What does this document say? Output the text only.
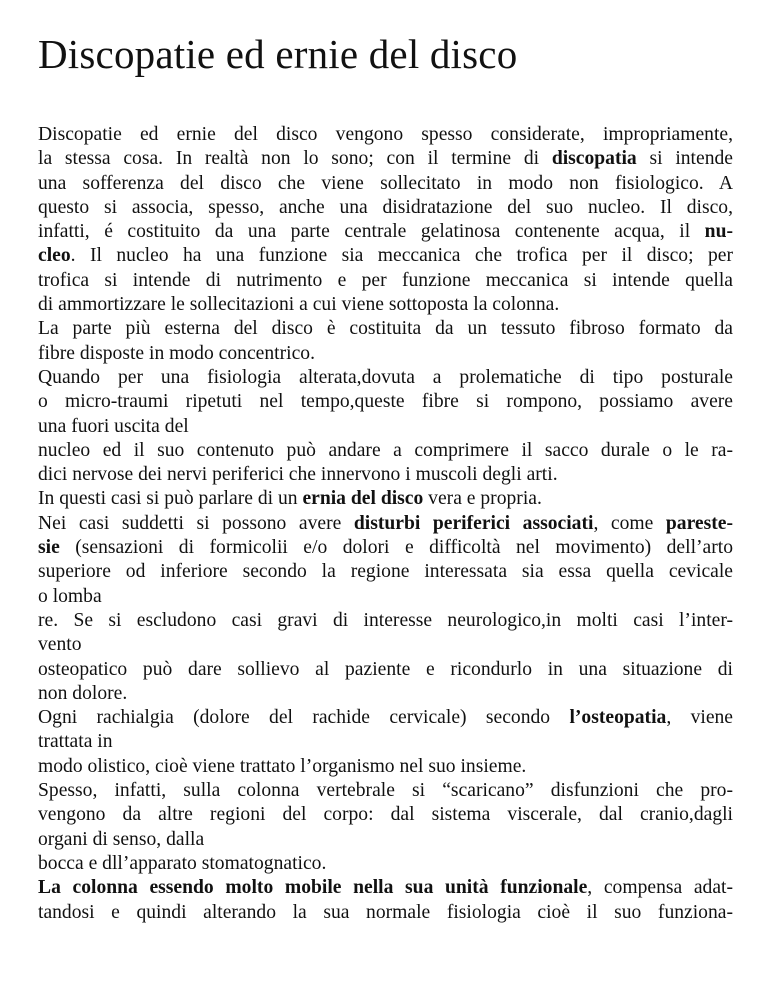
Discopatie ed ernie del disco
Discopatie ed ernie del disco vengono spesso considerate, impropriamente,
la stessa cosa. In realtà non lo sono; con il termine di discopatia si intende
una sofferenza del disco che viene sollecitato in modo non fisiologico. A
questo si associa, spesso, anche una disidratazione del suo nucleo. Il disco,
infatti, é costituito da una parte centrale gelatinosa contenente acqua, il nu-
cleo. Il nucleo ha una funzione sia meccanica che trofica per il disco; per
trofica si intende di nutrimento e per funzione meccanica si intende quella
di ammortizzare le sollecitazioni a cui viene sottoposta la colonna.
La parte più esterna del disco è costituita da un tessuto fibroso formato da
fibre disposte in modo concentrico.
Quando per una fisiologia alterata,dovuta a prolematiche di tipo posturale
o micro-traumi ripetuti nel tempo,queste fibre si rompono, possiamo avere
una fuori uscita del
nucleo ed il suo contenuto può andare a comprimere il sacco durale o le ra-
dici nervose dei nervi periferici che innervono i muscoli degli arti.
In questi casi si può parlare di un ernia del disco vera e propria.
Nei casi suddetti si possono avere disturbi periferici associati, come pareste-
sie (sensazioni di formicolii e/o dolori e difficoltà nel movimento) dell’arto
superiore od inferiore secondo la regione interessata sia essa quella cevicale
o lomba
re. Se si escludono casi gravi di interesse neurologico,in molti casi l’inter-
vento
osteopatico può dare sollievo al paziente e ricondurlo in una situazione di
non dolore.
Ogni rachialgia (dolore del rachide cervicale) secondo l’osteopatia, viene
trattata in
modo olistico, cioè viene trattato l’organismo nel suo insieme.
Spesso, infatti, sulla colonna vertebrale si “scaricano” disfunzioni che pro-
vengono da altre regioni del corpo: dal sistema viscerale, dal cranio,dagli
organi di senso, dalla
bocca e dll’apparato stomatognatico.
La colonna essendo molto mobile nella sua unità funzionale, compensa adat-
tandosi e quindi alterando la sua normale fisiologia cioè il suo funziona-
